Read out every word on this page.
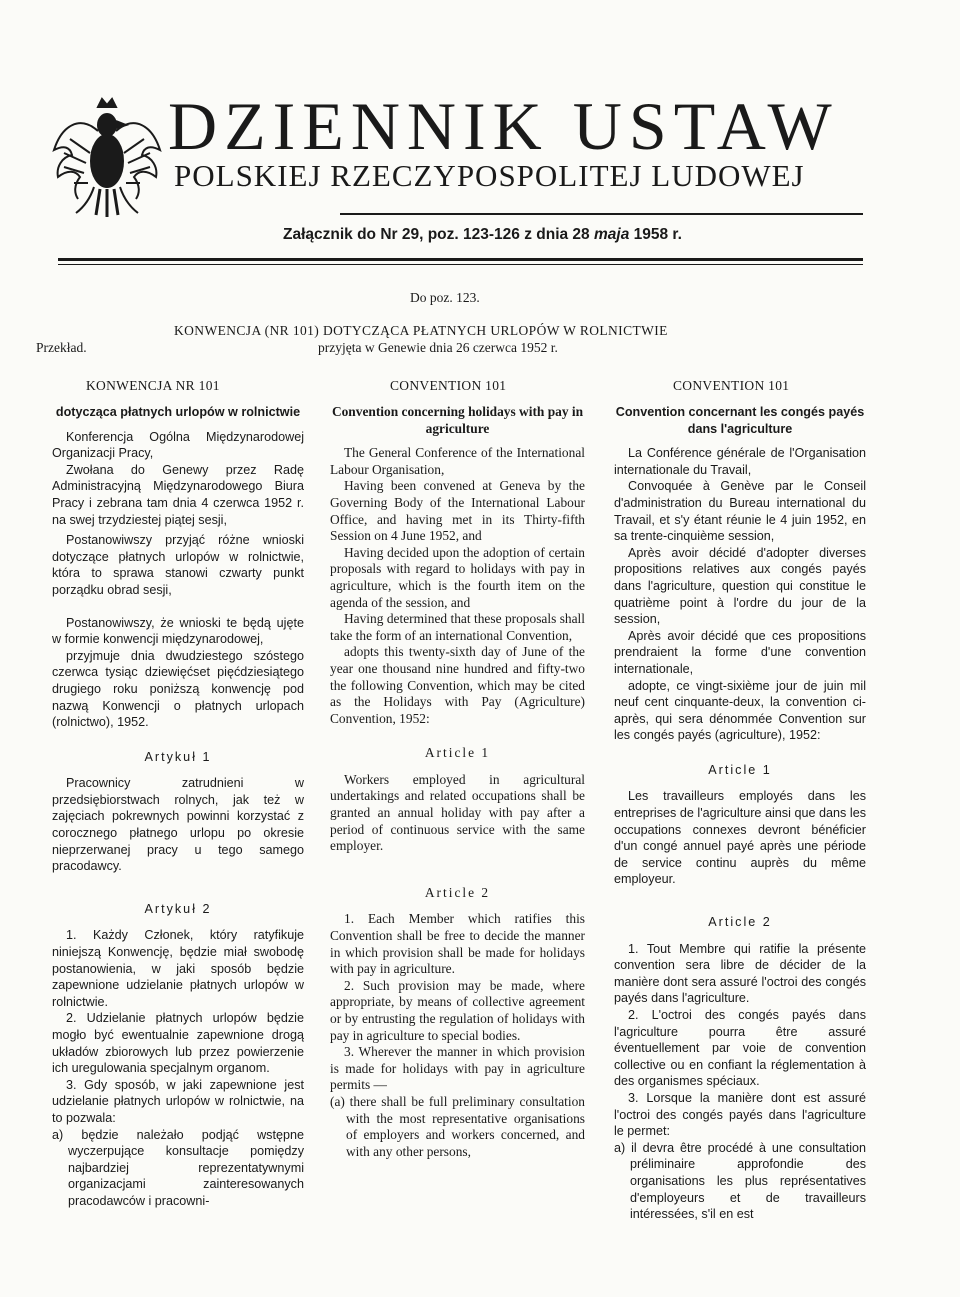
DZIENNIK USTAW
POLSKIEJ RZECZYPOSPOLITEJ LUDOWEJ
Załącznik do Nr 29, poz. 123-126 z dnia 28 maja 1958 r.
Do poz. 123.
KONWENCJA (NR 101) DOTYCZĄCA PŁATNYCH URLOPÓW W ROLNICTWIE
Przekład.	przyjęta w Genewie dnia 26 czerwca 1952 r.
KONWENCJA NR 101	CONVENTION 101	CONVENTION 101

dotycząca płatnych urlopów w rolnictwie

Konferencja Ogólna Międzynarodowej Organizacji Pracy,

Zwołana do Genewy przez Radę Administracyjną Międzynarodowego Biura Pracy i zebrana tam dnia 4 czerwca 1952 r. na swej trzydziestej piątej sesji,

Postanowiwszy przyjąć różne wnioski dotyczące płatnych urlopów w rolnictwie, która to sprawa stanowi czwarty punkt porządku obrad sesji,

Postanowiwszy, że wnioski te będą ujęte w formie konwencji międzynarodowej,

przyjmuje dnia dwudziestego szóstego czerwca tysiąc dziewięćset pięćdziesiątego drugiego roku poniższą konwencję pod nazwą Konwencji o płatnych urlopach (rolnictwo), 1952.

Artykuł 1

Pracownicy zatrudnieni w przedsiębiorstwach rolnych, jak też w zajęciach pokrewnych powinni korzystać z corocznego płatnego urlopu po okresie nieprzerwanej pracy u tego samego pracodawcy.

Artykuł 2

1. Każdy Członek, który ratyfikuje niniejszą Konwencję, będzie miał swobodę postanowienia, w jaki sposób będzie zapewnione udzielanie płatnych urlopów w rolnictwie.

2. Udzielanie płatnych urlopów będzie mogło być ewentualnie zapewnione drogą układów zbiorowych lub przez powierzenie ich uregulowania specjalnym organom.

3. Gdy sposób, w jaki zapewnione jest udzielanie płatnych urlopów w rolnictwie, na to pozwala:

a) będzie należało podjąć wstępne wyczerpujące konsultacje pomiędzy najbardziej reprezentatywnymi organizacjami zainteresowanych pracodawców i pracowni-

Convention concerning holidays with pay in agriculture

The General Conference of the International Labour Organisation,

Having been convened at Geneva by the Governing Body of the International Labour Office, and having met in its Thirty-fifth Session on 4 June 1952, and

Having decided upon the adoption of certain proposals with regard to holidays with pay in agriculture, which is the fourth item on the agenda of the session, and

Having determined that these proposals shall take the form of an international Convention,

adopts this twenty-sixth day of June of the year one thousand nine hundred and fifty-two the following Convention, which may be cited as the Holidays with Pay (Agriculture) Convention, 1952:

Article 1

Workers employed in agricultural undertakings and related occupations shall be granted an annual holiday with pay after a period of continuous service with the same employer.

Article 2

1. Each Member which ratifies this Convention shall be free to decide the manner in which provision shall be made for holidays with pay in agriculture.

2. Such provision may be made, where appropriate, by means of collective agreement or by entrusting the regulation of holidays with pay in agriculture to special bodies.

3. Wherever the manner in which provision is made for holidays with pay in agriculture permits —

(a) there shall be full preliminary consultation with the most representative organisations of employers and workers concerned, and with any other persons,

Convention concernant les congés payés dans l'agriculture

La Conférence générale de l'Organisation internationale du Travail,

Convoquée à Genève par le Conseil d'administration du Bureau international du Travail, et s'y étant réunie le 4 juin 1952, en sa trente-cinquième session,

Après avoir décidé d'adopter diverses propositions relatives aux congés payés dans l'agriculture, question qui constitue le quatrième point à l'ordre du jour de la session,

Après avoir décidé que ces propositions prendraient la forme d'une convention internationale,

adopte, ce vingt-sixième jour de juin mil neuf cent cinquante-deux, la convention ci-après, qui sera dénommée Convention sur les congés payés (agriculture), 1952:

Article 1

Les travailleurs employés dans les entreprises de l'agriculture ainsi que dans les occupations connexes devront bénéficier d'un congé annuel payé après une période de service continu auprès du même employeur.

Article 2

1. Tout Membre qui ratifie la présente convention sera libre de décider de la manière dont sera assuré l'octroi des congés payés dans l'agriculture.

2. L'octroi des congés payés dans l'agriculture pourra être assuré éventuellement par voie de convention collective ou en confiant la réglementation à des organismes spéciaux.

3. Lorsque la manière dont est assuré l'octroi des congés payés dans l'agriculture le permet:

a) il devra être procédé à une consultation préliminaire approfondie des organisations les plus représentatives d'employeurs et de travailleurs intéressées, s'il en est
